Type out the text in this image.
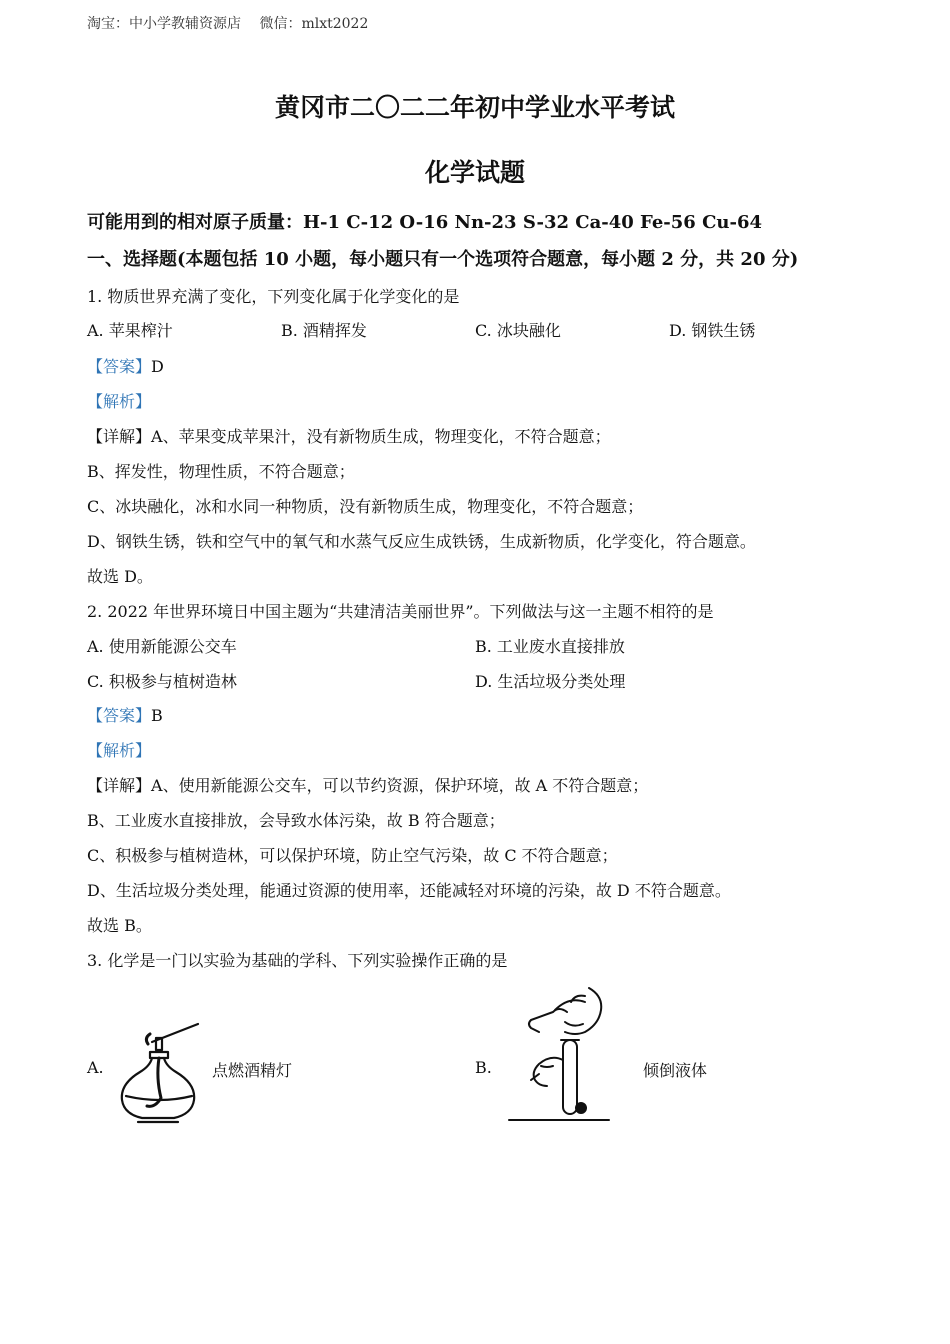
淘宝：中小学教辅资源店 微信：mlxt2022
黄冈市二〇二二年初中学业水平考试
化学试题
可能用到的相对原子质量：H-1 C-12 O-16 Nn-23 S-32 Ca-40 Fe-56 Cu-64
一、选择题(本题包括 10 小题，每小题只有一个选项符合题意，每小题 2 分，共 20 分)
1. 物质世界充满了变化，下列变化属于化学变化的是
A. 苹果榨汁	B. 酒精挥发	C. 冰块融化	D. 钢铁生锈
【答案】D
【解析】
【详解】A、苹果变成苹果汁，没有新物质生成，物理变化，不符合题意；
B、挥发性，物理性质，不符合题意；
C、冰块融化，冰和水同一种物质，没有新物质生成，物理变化，不符合题意；
D、钢铁生锈，铁和空气中的氧气和水蒸气反应生成铁锈，生成新物质，化学变化，符合题意。
故选 D。
2. 2022 年世界环境日中国主题为“共建清洁美丽世界”。下列做法与这一主题不相符的是
A. 使用新能源公交车	B. 工业废水直接排放
C. 积极参与植树造林	D. 生活垃圾分类处理
【答案】B
【解析】
【详解】A、使用新能源公交车，可以节约资源，保护环境，故 A 不符合题意；
B、工业废水直接排放，会导致水体污染，故 B 符合题意；
C、积极参与植树造林，可以保护环境，防止空气污染，故 C 不符合题意；
D、生活垃圾分类处理，能通过资源的使用率，还能减轻对环境的污染，故 D 不符合题意。
故选 B。
3. 化学是一门以实验为基础的学科、下列实验操作正确的是
A.	点燃酒精灯	B.	倾倒液体
